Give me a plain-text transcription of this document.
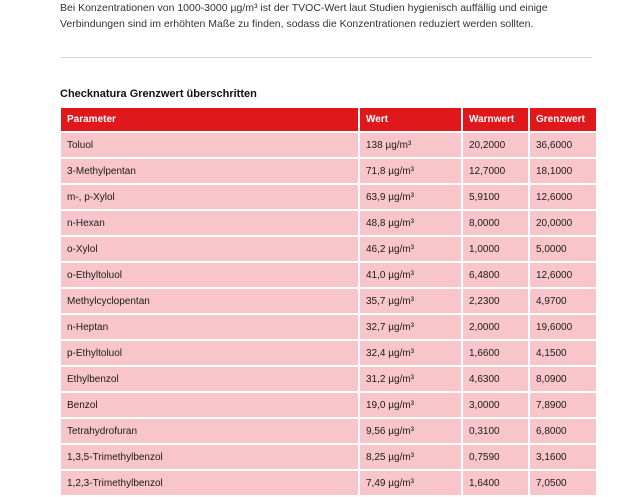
Bei Konzentrationen von 1000-3000 µg/m³ ist der TVOC-Wert laut Studien hygienisch auffällig und einige
Verbindungen sind im erhöhten Maße zu finden, sodass die Konzentrationen reduziert werden sollten.
Checknatura Grenzwert überschritten
Parameter	Wert	Warnwert	Grenzwert
Toluol	138 µg/m³	20,2000	36,6000
3-Methylpentan	71,8 µg/m³	12,7000	18,1000
m-, p-Xylol	63,9 µg/m³	5,9100	12,6000
n-Hexan	48,8 µg/m³	8,0000	20,0000
o-Xylol	46,2 µg/m³	1,0000	5,0000
o-Ethyltoluol	41,0 µg/m³	6,4800	12,6000
Methylcyclopentan	35,7 µg/m³	2,2300	4,9700
n-Heptan	32,7 µg/m³	2,0000	19,6000
p-Ethyltoluol	32,4 µg/m³	1,6600	4,1500
Ethylbenzol	31,2 µg/m³	4,6300	8,0900
Benzol	19,0 µg/m³	3,0000	7,8900
Tetrahydrofuran	9,56 µg/m³	0,3100	6,8000
1,3,5-Trimethylbenzol	8,25 µg/m³	0,7590	3,1600
1,2,3-Trimethylbenzol	7,49 µg/m³	1,6400	7,0500
